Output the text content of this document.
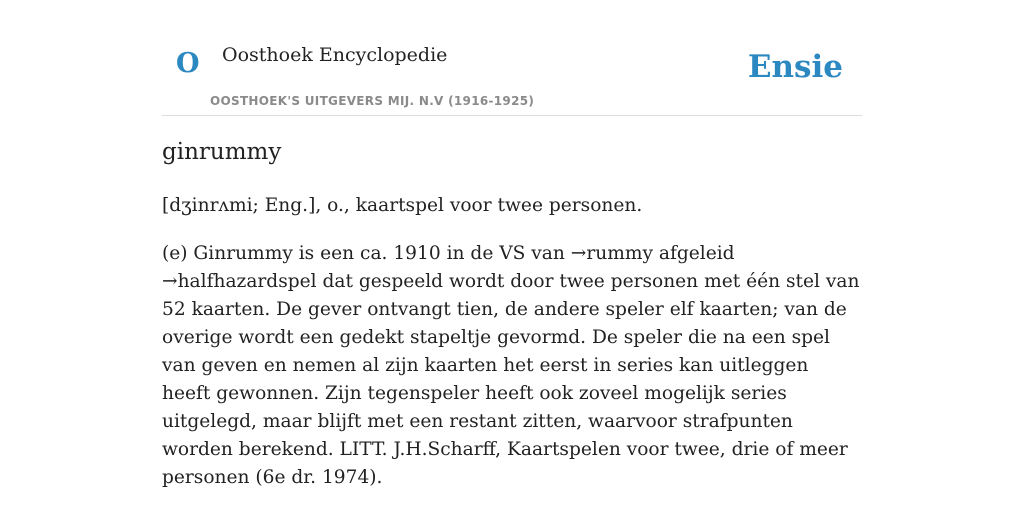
O Oosthoek Encyclopedie
OOSTHOEK'S UITGEVERS MIJ. N.V (1916-1925)
Ensie
ginrummy

[dʒinrʌmi; Eng.], o., kaartspel voor twee personen.

(e) Ginrummy is een ca. 1910 in de VS van →rummy afgeleid →halfhazardspel dat gespeeld wordt door twee personen met één stel van 52 kaarten. De gever ontvangt tien, de andere speler elf kaarten; van de overige wordt een gedekt stapeltje gevormd. De speler die na een spel van geven en nemen al zijn kaarten het eerst in series kan uitleggen heeft gewonnen. Zijn tegenspeler heeft ook zoveel mogelijk series uitgelegd, maar blijft met een restant zitten, waarvoor strafpunten worden berekend. LITT. J.H.Scharff, Kaartspelen voor twee, drie of meer personen (6e dr. 1974).
